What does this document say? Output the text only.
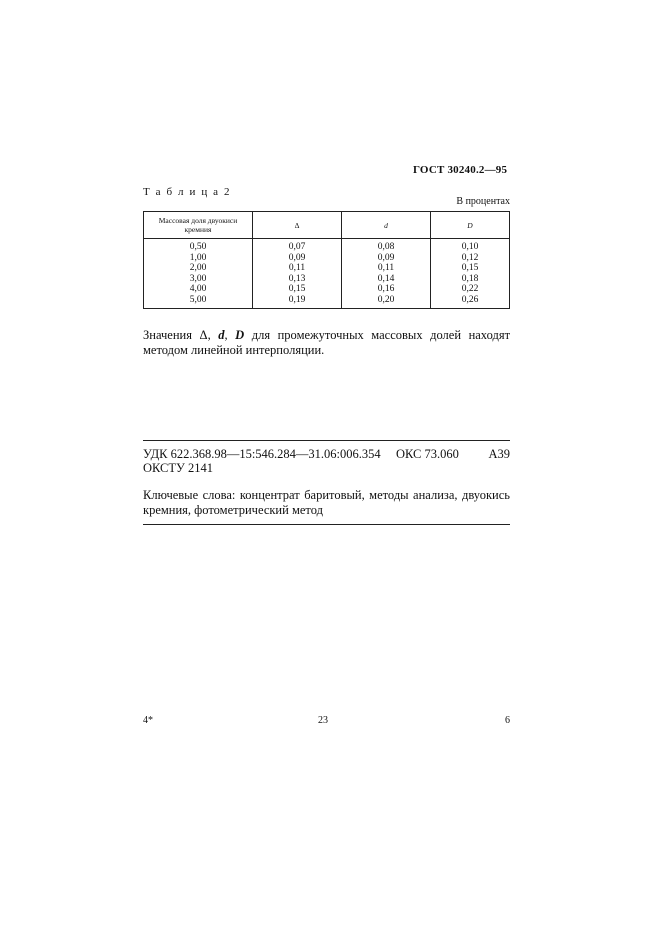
ГОСТ 30240.2—95
Т а б л и ц а 2
В процентах
Массовая доля двуокиси кремния	Δ	d	D
0,50	0,07	0,08	0,10
1,00	0,09	0,09	0,12
2,00	0,11	0,11	0,15
3,00	0,13	0,14	0,18
4,00	0,15	0,16	0,22
5,00	0,19	0,20	0,26

Значения Δ, d, D для промежуточных массовых долей находят методом линейной интерполяции.

УДК 622.368.98—15:546.284—31.06:006.354 ОКС 73.060 А39
ОКСТУ 2141

Ключевые слова: концентрат баритовый, методы анализа, двуокись кремния, фотометрический метод

4*	23	6
